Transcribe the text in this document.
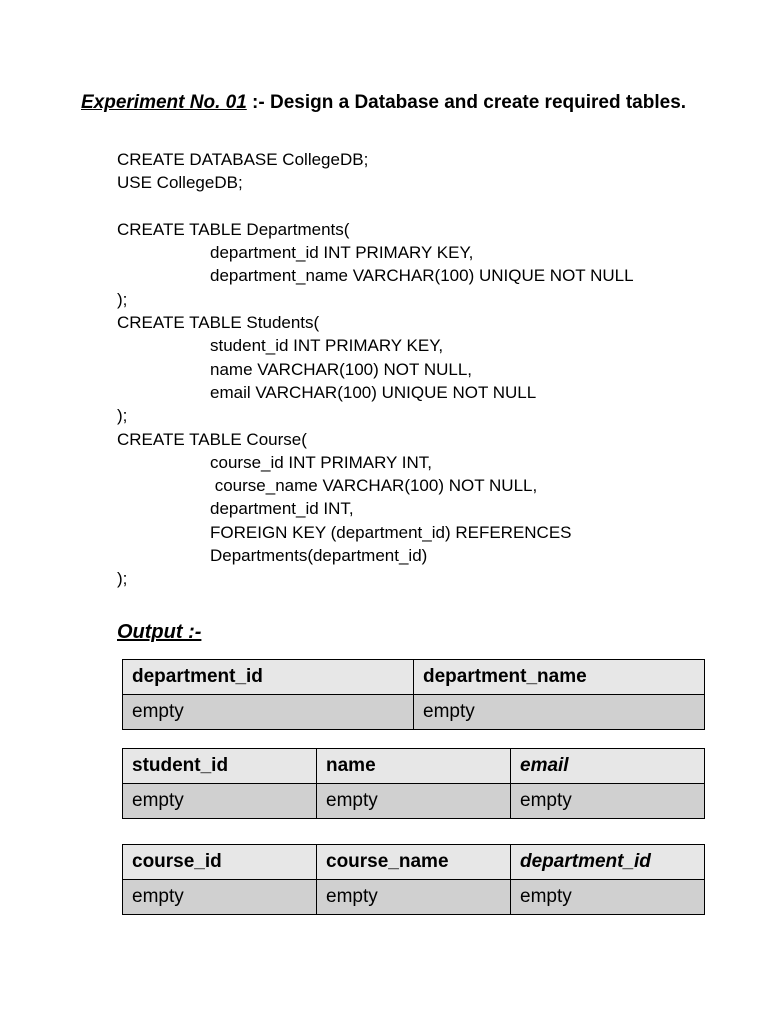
Experiment No. 01 :- Design a Database and create required tables.
CREATE DATABASE CollegeDB;
USE CollegeDB;
CREATE TABLE Departments(
department_id INT PRIMARY KEY,
department_name VARCHAR(100) UNIQUE NOT NULL
);
CREATE TABLE Students(
student_id INT PRIMARY KEY,
name VARCHAR(100) NOT NULL,
email VARCHAR(100) UNIQUE NOT NULL
);
CREATE TABLE Course(
course_id INT PRIMARY INT,
course_name VARCHAR(100) NOT NULL,
department_id INT,
FOREIGN KEY (department_id) REFERENCES
Departments(department_id)
);
Output :-
department_id	department_name
empty	empty
student_id	name	email
empty	empty	empty
course_id	course_name	department_id
empty	empty	empty
